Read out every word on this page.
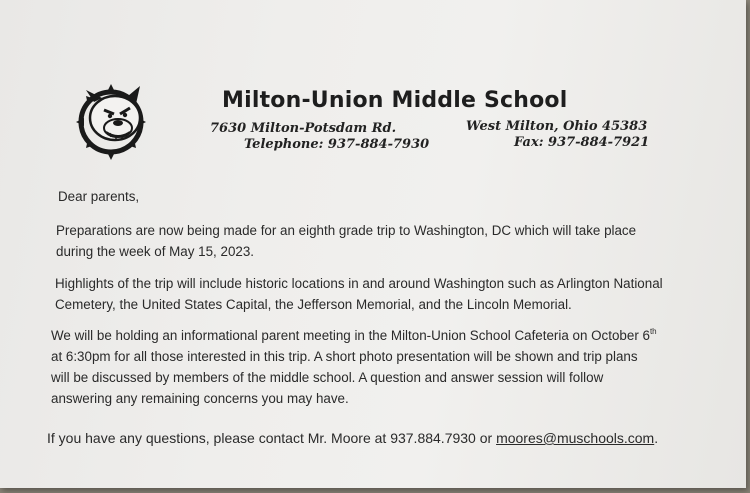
Milton-Union Middle School
7630 Milton-Potsdam Rd.
Telephone: 937-884-7930
West Milton, Ohio 45383
Fax: 937-884-7921
Dear parents,
Preparations are now being made for an eighth grade trip to Washington, DC which will take place
during the week of May 15, 2023.
Highlights of the trip will include historic locations in and around Washington such as Arlington National
Cemetery, the United States Capital, the Jefferson Memorial, and the Lincoln Memorial.
We will be holding an informational parent meeting in the Milton-Union School Cafeteria on October 6th
at 6:30pm for all those interested in this trip. A short photo presentation will be shown and trip plans
will be discussed by members of the middle school. A question and answer session will follow
answering any remaining concerns you may have.
If you have any questions, please contact Mr. Moore at 937.884.7930 or moores@muschools.com.
